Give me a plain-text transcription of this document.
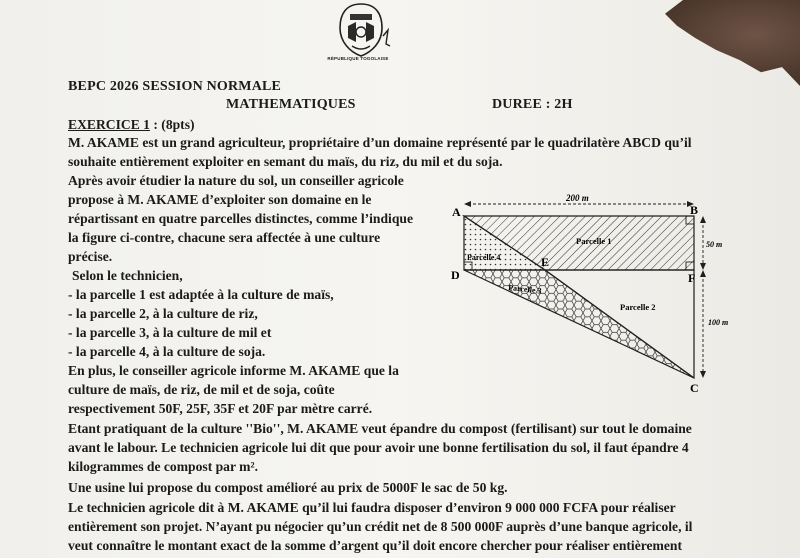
RÉPUBLIQUE TOGOLAISE
BEPC 2026 SESSION NORMALE
MATHEMATIQUES	DUREE : 2H
EXERCICE 1 : (8pts)
M. AKAME est un grand agriculteur, propriétaire d’un domaine représenté par le quadrilatère ABCD qu’il
souhaite entièrement exploiter en semant du maïs, du riz, du mil et du soja.
Après avoir étudier la nature du sol, un conseiller agricole
propose à M. AKAME d’exploiter son domaine en le
répartissant en quatre parcelles distinctes, comme l’indique
la figure ci-contre, chacune sera affectée à une culture
précise.
Selon le technicien,
- la parcelle 1 est adaptée à la culture de maïs,
- la parcelle 2, à la culture de riz,
- la parcelle 3, à la culture de mil et
- la parcelle 4, à la culture de soja.
En plus, le conseiller agricole informe M. AKAME que la
culture de maïs, de riz, de mil et de soja, coûte
respectivement 50F, 25F, 35F et 20F par mètre carré.
Etant pratiquant de la culture ''Bio'', M. AKAME veut épandre du compost (fertilisant) sur tout le domaine
avant le labour. Le technicien agricole lui dit que pour avoir une bonne fertilisation du sol, il faut épandre 4
kilogrammes de compost par m².
Une usine lui propose du compost amélioré au prix de 5000F le sac de 50 kg.
Le technicien agricole dit à M. AKAME qu’il lui faudra disposer d’environ 9 000 000 FCFA pour réaliser
entièrement son projet. N’ayant pu négocier qu’un crédit net de 8 500 000F auprès d’une banque agricole, il
veut connaître le montant exact de la somme d’argent qu’il doit encore chercher pour réaliser entièrement
200 m
50 m
100 m
A	B
D
E
F
C
Parcelle 1
Parcelle 4
Parcelle 3
Parcelle 2
